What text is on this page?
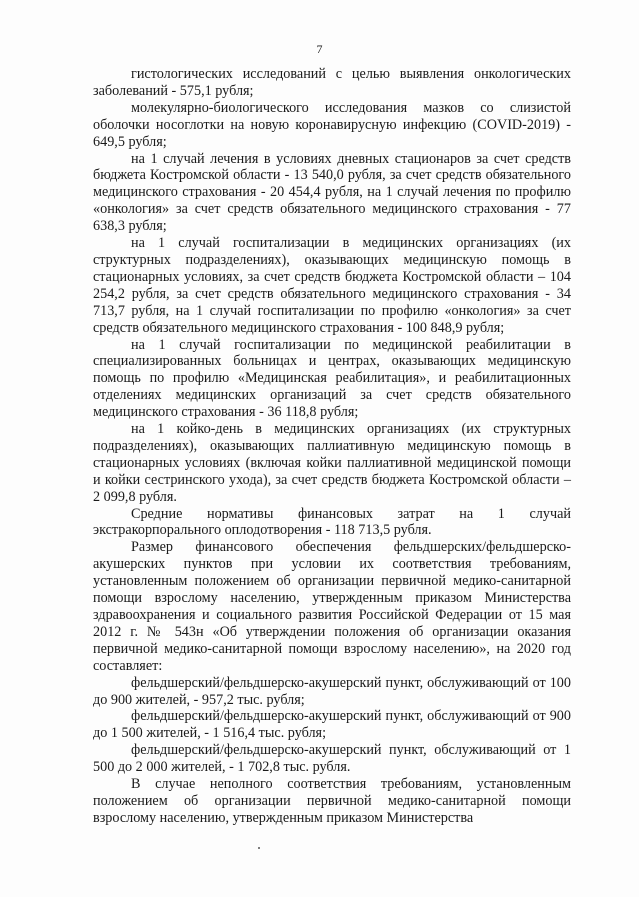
7

гистологических исследований с целью выявления онкологических заболеваний - 575,1 рубля;

молекулярно-биологического исследования мазков со слизистой оболочки носоглотки на новую коронавирусную инфекцию (COVID-2019) - 649,5 рубля;

на 1 случай лечения в условиях дневных стационаров за счет средств бюджета Костромской области - 13 540,0 рубля, за счет средств обязательного медицинского страхования - 20 454,4 рубля, на 1 случай лечения по профилю «онкология» за счет средств обязательного медицинского страхования - 77 638,3 рубля;

на 1 случай госпитализации в медицинских организациях (их структурных подразделениях), оказывающих медицинскую помощь в стационарных условиях, за счет средств бюджета Костромской области – 104 254,2 рубля, за счет средств обязательного медицинского страхования - 34 713,7 рубля, на 1 случай госпитализации по профилю «онкология» за счет средств обязательного медицинского страхования - 100 848,9 рубля;

на 1 случай госпитализации по медицинской реабилитации в специализированных больницах и центрах, оказывающих медицинскую помощь по профилю «Медицинская реабилитация», и реабилитационных отделениях медицинских организаций за счет средств обязательного медицинского страхования - 36 118,8 рубля;

на 1 койко-день в медицинских организациях (их структурных подразделениях), оказывающих паллиативную медицинскую помощь в стационарных условиях (включая койки паллиативной медицинской помощи и койки сестринского ухода), за счет средств бюджета Костромской области – 2 099,8 рубля.

Средние нормативы финансовых затрат на 1 случай экстракорпорального оплодотворения - 118 713,5 рубля.

Размер финансового обеспечения фельдшерских/фельдшерско-акушерских пунктов при условии их соответствия требованиям, установленным положением об организации первичной медико-санитарной помощи взрослому населению, утвержденным приказом Министерства здравоохранения и социального развития Российской Федерации от 15 мая 2012 г. № 543н «Об утверждении положения об организации оказания первичной медико-санитарной помощи взрослому населению», на 2020 год составляет:

фельдшерский/фельдшерско-акушерский пункт, обслуживающий от 100 до 900 жителей, - 957,2 тыс. рубля;

фельдшерский/фельдшерско-акушерский пункт, обслуживающий от 900 до 1 500 жителей, - 1 516,4 тыс. рубля;

фельдшерский/фельдшерско-акушерский пункт, обслуживающий от 1 500 до 2 000 жителей, - 1 702,8 тыс. рубля.

В случае неполного соответствия требованиям, установленным положением об организации первичной медико-санитарной помощи взрослому населению, утвержденным приказом Министерства
